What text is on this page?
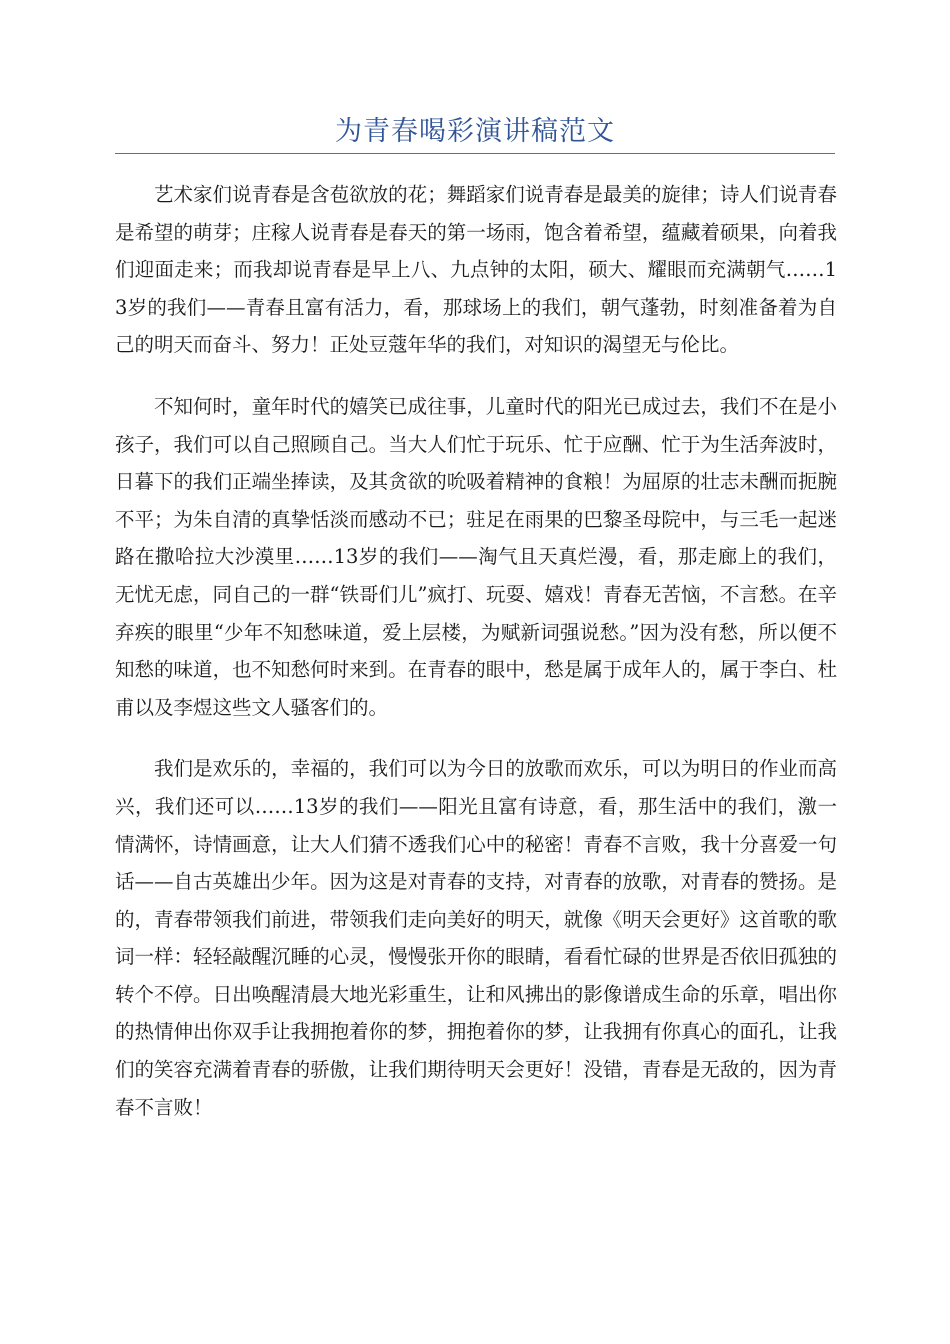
为青春喝彩演讲稿范文

艺术家们说青春是含苞欲放的花；舞蹈家们说青春是最美的旋律；诗人们说青春是希望的萌芽；庄稼人说青春是春天的第一场雨，饱含着希望，蕴藏着硕果，向着我们迎面走来；而我却说青春是早上八、九点钟的太阳，硕大、耀眼而充满朝气……13岁的我们——青春且富有活力，看，那球场上的我们，朝气蓬勃，时刻准备着为自己的明天而奋斗、努力！正处豆蔻年华的我们，对知识的渴望无与伦比。

不知何时，童年时代的嬉笑已成往事，儿童时代的阳光已成过去，我们不在是小孩子，我们可以自己照顾自己。当大人们忙于玩乐、忙于应酬、忙于为生活奔波时，日暮下的我们正端坐捧读，及其贪欲的吮吸着精神的食粮！为屈原的壮志未酬而扼腕不平；为朱自清的真挚恬淡而感动不已；驻足在雨果的巴黎圣母院中，与三毛一起迷路在撒哈拉大沙漠里……13岁的我们——淘气且天真烂漫，看，那走廊上的我们，无忧无虑，同自己的一群“铁哥们儿”疯打、玩耍、嬉戏！青春无苦恼，不言愁。在辛弃疾的眼里“少年不知愁味道，爱上层楼，为赋新词强说愁。”因为没有愁，所以便不知愁的味道，也不知愁何时来到。在青春的眼中，愁是属于成年人的，属于李白、杜甫以及李煜这些文人骚客们的。

我们是欢乐的，幸福的，我们可以为今日的放歌而欢乐，可以为明日的作业而高兴，我们还可以……13岁的我们——阳光且富有诗意，看，那生活中的我们，激一情满怀，诗情画意，让大人们猜不透我们心中的秘密！青春不言败，我十分喜爱一句话——自古英雄出少年。因为这是对青春的支持，对青春的放歌，对青春的赞扬。是的，青春带领我们前进，带领我们走向美好的明天，就像《明天会更好》这首歌的歌词一样：轻轻敲醒沉睡的心灵，慢慢张开你的眼睛，看看忙碌的世界是否依旧孤独的转个不停。日出唤醒清晨大地光彩重生，让和风拂出的影像谱成生命的乐章，唱出你的热情伸出你双手让我拥抱着你的梦，拥抱着你的梦，让我拥有你真心的面孔，让我们的笑容充满着青春的骄傲，让我们期待明天会更好！没错，青春是无敌的，因为青春不言败！
